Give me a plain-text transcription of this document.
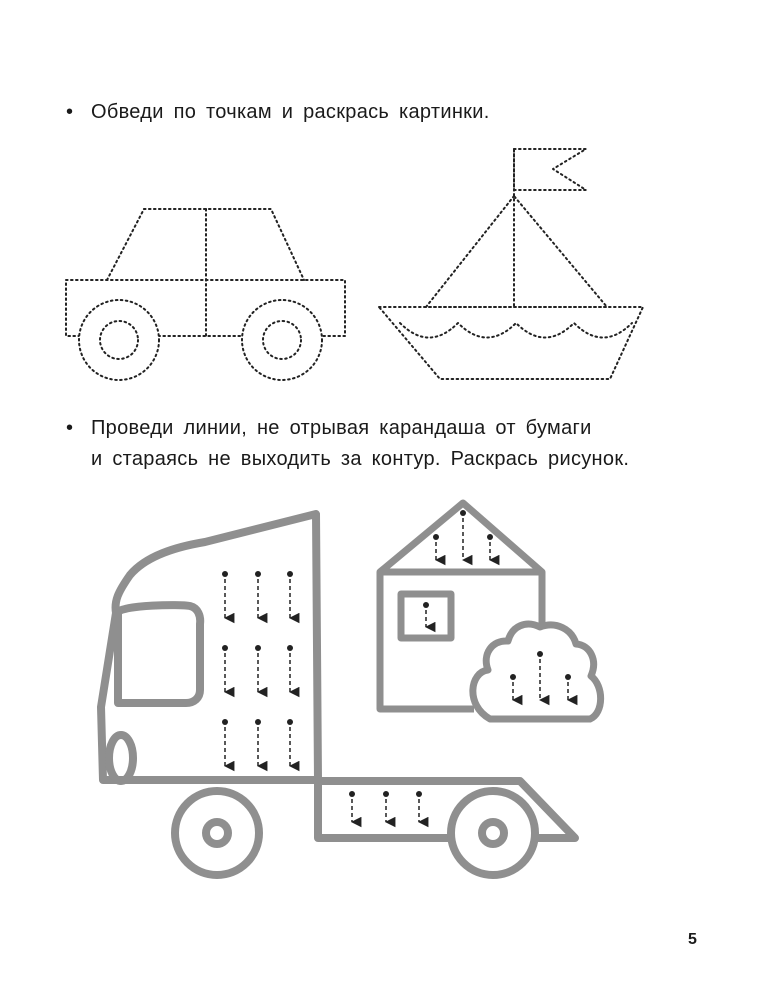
• Обведи по точкам и раскрась картинки.
• Проведи линии, не отрывая карандаша от бумаги
и стараясь не выходить за контур. Раскрась рисунок.
5
